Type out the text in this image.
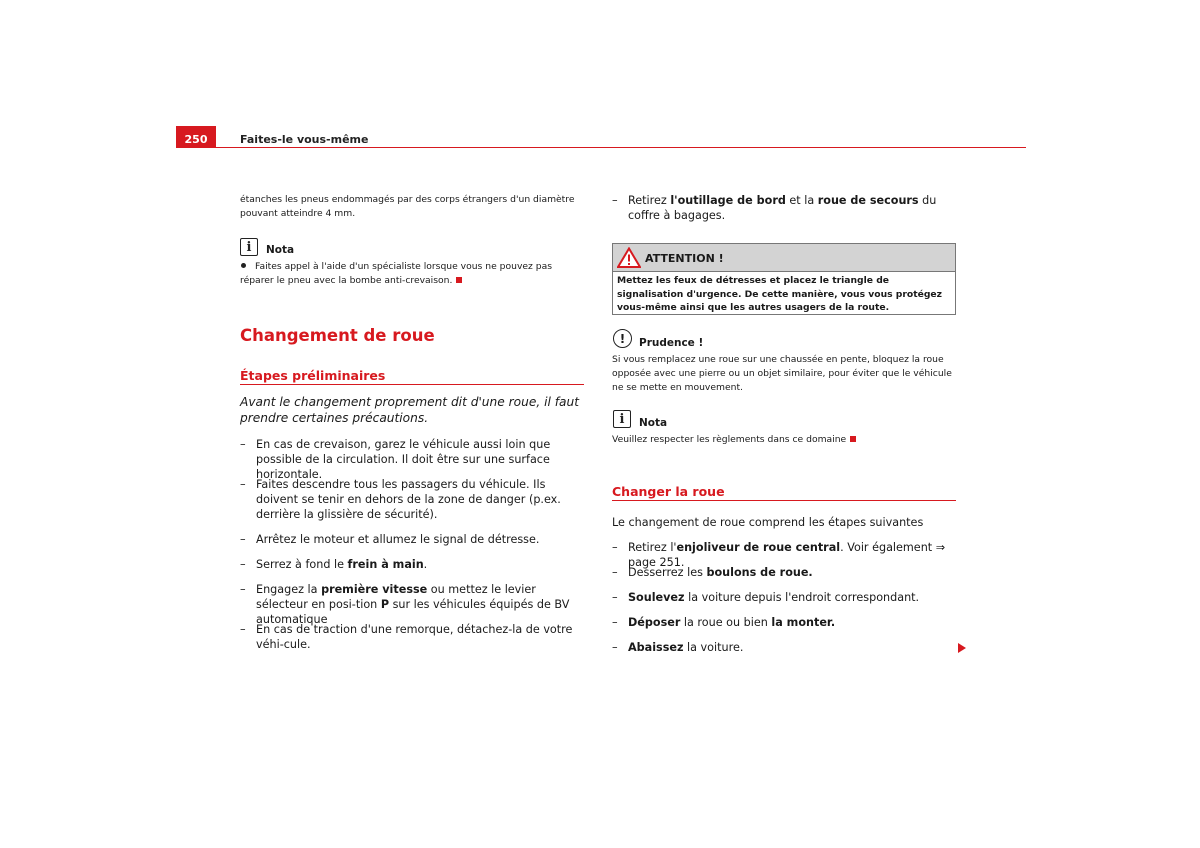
250	Faites-le vous-même
étanches les pneus endommagés par des corps étrangers d'un diamètre pouvant atteindre 4 mm.
i	Nota
Faites appel à l'aide d'un spécialiste lorsque vous ne pouvez pas réparer le pneu avec la bombe anti-crevaison.
Changement de roue
Étapes préliminaires
Avant le changement proprement dit d'une roue, il faut prendre certaines précautions.
– En cas de crevaison, garez le véhicule aussi loin que possible de la circulation. Il doit être sur une surface horizontale.
– Faites descendre tous les passagers du véhicule. Ils doivent se tenir en dehors de la zone de danger (p.ex. derrière la glissière de sécurité).
– Arrêtez le moteur et allumez le signal de détresse.
– Serrez à fond le frein à main.
– Engagez la première vitesse ou mettez le levier sélecteur en posi-tion P sur les véhicules équipés de BV automatique
– En cas de traction d'une remorque, détachez-la de votre véhi-cule.
– Retirez l'outillage de bord et la roue de secours du coffre à bagages.
ATTENTION !
Mettez les feux de détresses et placez le triangle de signalisation d'urgence. De cette manière, vous vous protégez vous-même ainsi que les autres usagers de la route.
!	Prudence !
Si vous remplacez une roue sur une chaussée en pente, bloquez la roue opposée avec une pierre ou un objet similaire, pour éviter que le véhicule ne se mette en mouvement.
i	Nota
Veuillez respecter les règlements dans ce domaine
Changer la roue
Le changement de roue comprend les étapes suivantes
– Retirez l'enjoliveur de roue central. Voir également ⇒ page 251.
– Desserrez les boulons de roue.
– Soulevez la voiture depuis l'endroit correspondant.
– Déposer la roue ou bien la monter.
– Abaissez la voiture.
